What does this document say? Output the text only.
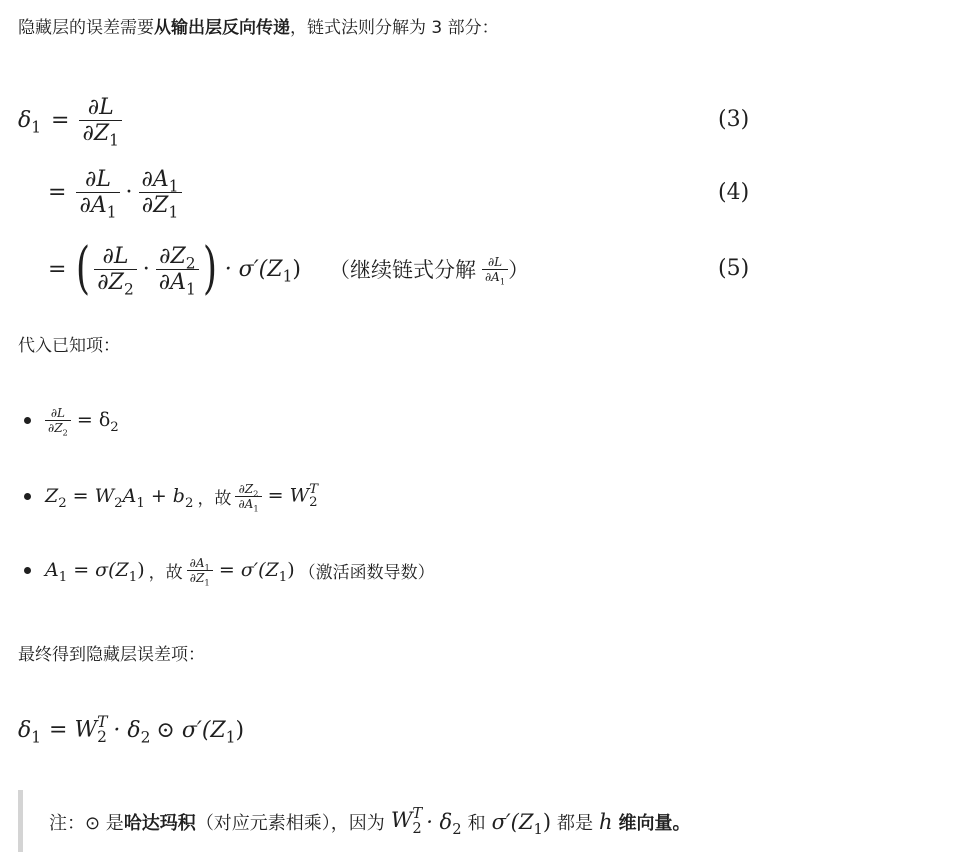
隐藏层的误差需要从输出层反向传递，链式法则分解为 3 部分：
$\delta_1 = \frac{\partial L}{\partial Z_1}$	(3)
= $\frac{\partial L}{\partial A_1} \cdot \frac{\partial A_1}{\partial Z_1}$	(4)
= ( $\frac{\partial L}{\partial Z_2} \cdot \frac{\partial Z_2}{\partial A_1}$ ) · $\sigma'(Z_1)$ （继续链式分解 $\frac{\partial L}{\partial A_1}$ ）	(5)
代入已知项：
$\frac{\partial L}{\partial Z_2} = \delta_2$
$Z_2 = W_2A_1 + b_2$ ，故 $\frac{\partial Z_2}{\partial A_1} = W$ T
2
$A_1 = \sigma(Z_1)$ ，故 $\frac{\partial A_1}{\partial Z_1} = \sigma'(Z_1)$ （激活函数导数）
最终得到隐藏层误差项：
$\delta_1 = W$ T
$2 \cdot \delta_2$ ⊙ $\sigma'(Z_1)$
注：⊙ 是 哈达玛积 （对应元素相乘），因为 W T
$2 \cdot \delta_2$ 和 $\sigma'(Z_1)$ 都是 h 维向量。
